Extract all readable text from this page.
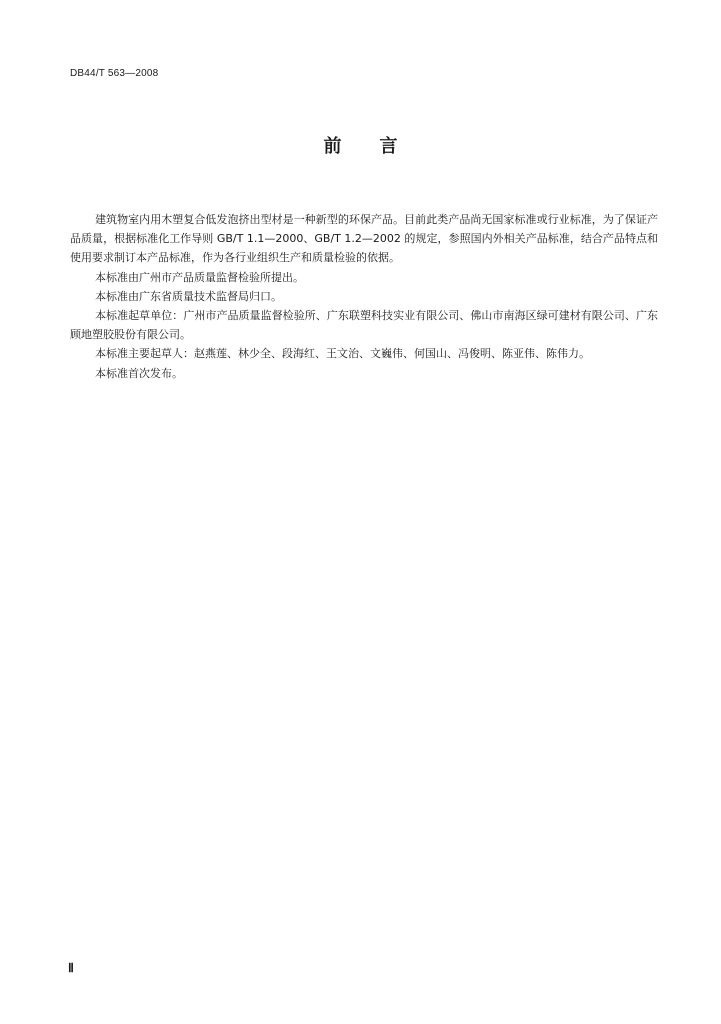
DB44/T 563—2008
前言

建筑物室内用木塑复合低发泡挤出型材是一种新型的环保产品。目前此类产品尚无国家标准或行业标准，为了保证产品质量，根据标准化工作导则 GB/T 1.1—2000、GB/T 1.2—2002 的规定，参照国内外相关产品标准，结合产品特点和使用要求制订本产品标准，作为各行业组织生产和质量检验的依据。

本标准由广州市产品质量监督检验所提出。

本标准由广东省质量技术监督局归口。

本标准起草单位：广州市产品质量监督检验所、广东联塑科技实业有限公司、佛山市南海区绿可建材有限公司、广东顾地塑胶股份有限公司。

本标准主要起草人：赵燕莲、林少全、段海红、王文治、文巍伟、何国山、冯俊明、陈亚伟、陈伟力。

本标准首次发布。

Ⅱ
